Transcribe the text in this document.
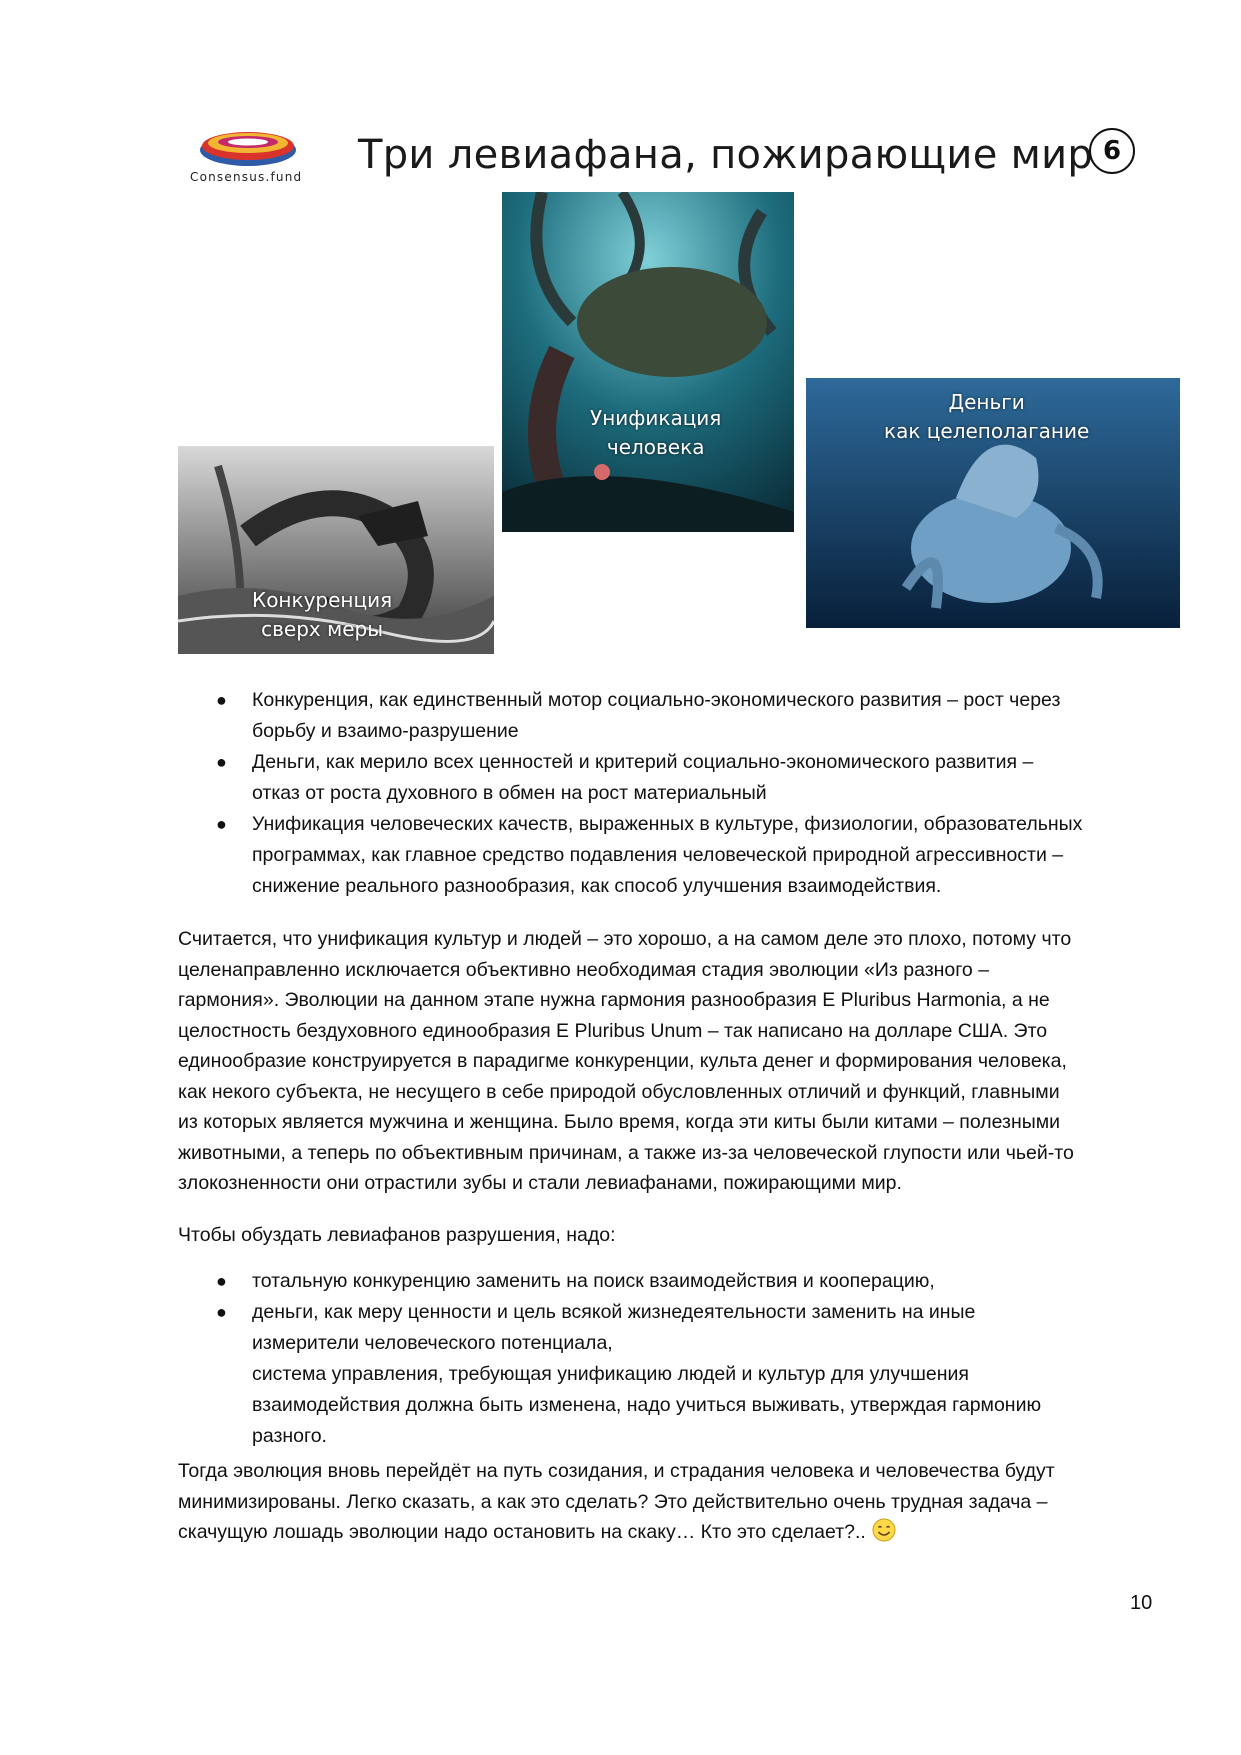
Consensus.fund Три левиафана, пожирающие мир 6
Конкуренция
сверх меры
Унификация
человека
Деньги
как целеполагание
● Конкуренция, как единственный мотор социально-экономического развития – рост через
борьбу и взаимо-разрушение
● Деньги, как мерило всех ценностей и критерий социально-экономического развития –
отказ от роста духовного в обмен на рост материальный
● Унификация человеческих качеств, выраженных в культуре, физиологии, образовательных
программах, как главное средство подавления человеческой природной агрессивности –
снижение реального разнообразия, как способ улучшения взаимодействия.
Считается, что унификация культур и людей – это хорошо, а на самом деле это плохо, потому что
целенаправленно исключается объективно необходимая стадия эволюции «Из разного –
гармония». Эволюции на данном этапе нужна гармония разнообразия E Pluribus Harmonia, а не
целостность бездуховного единообразия E Pluribus Unum – так написано на долларе США. Это
единообразие конструируется в парадигме конкуренции, культа денег и формирования человека,
как некого субъекта, не несущего в себе природой обусловленных отличий и функций, главными
из которых является мужчина и женщина. Было время, когда эти киты были китами – полезными
животными, а теперь по объективным причинам, а также из-за человеческой глупости или чьей-то
злокозненности они отрастили зубы и стали левиафанами, пожирающими мир.
Чтобы обуздать левиафанов разрушения, надо:
● тотальную конкуренцию заменить на поиск взаимодействия и кооперацию,
● деньги, как меру ценности и цель всякой жизнедеятельности заменить на иные
измерители человеческого потенциала,
система управления, требующая унификацию людей и культур для улучшения
взаимодействия должна быть изменена, надо учиться выживать, утверждая гармонию
разного.
Тогда эволюция вновь перейдёт на путь созидания, и страдания человека и человечества будут
минимизированы. Легко сказать, а как это сделать? Это действительно очень трудная задача –
скачущую лошадь эволюции надо остановить на скаку… Кто это сделает?..
10
